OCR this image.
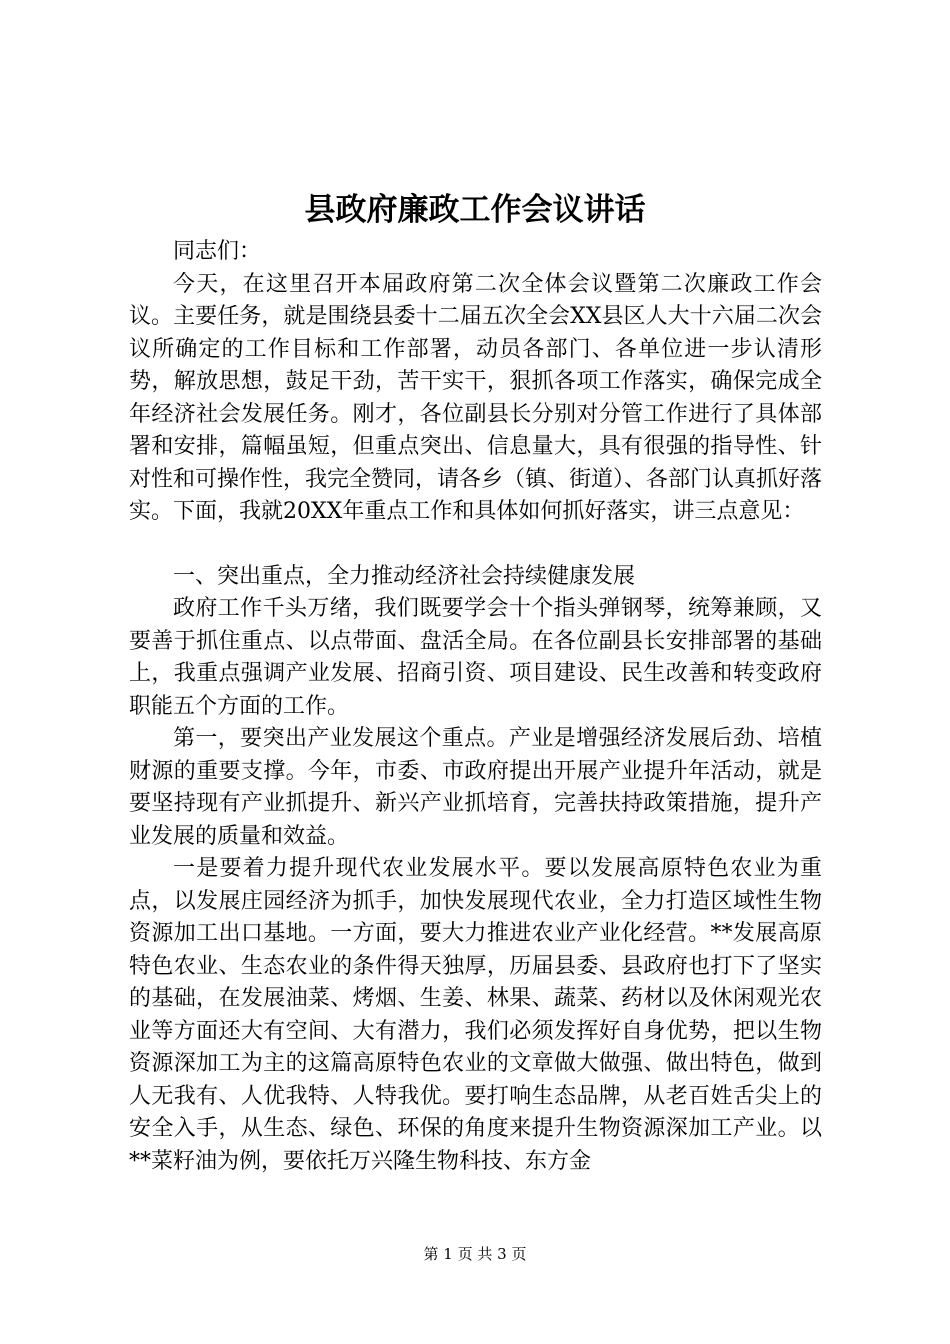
县政府廉政工作会议讲话

同志们：

今天，在这里召开本届政府第二次全体会议暨第二次廉政工作会议。主要任务，就是围绕县委十二届五次全会XX县区人大十六届二次会议所确定的工作目标和工作部署，动员各部门、各单位进一步认清形势，解放思想，鼓足干劲，苦干实干，狠抓各项工作落实，确保完成全年经济社会发展任务。刚才，各位副县长分别对分管工作进行了具体部署和安排，篇幅虽短，但重点突出、信息量大，具有很强的指导性、针对性和可操作性，我完全赞同，请各乡（镇、街道）、各部门认真抓好落实。下面，我就20XX年重点工作和具体如何抓好落实，讲三点意见：

一、突出重点，全力推动经济社会持续健康发展

政府工作千头万绪，我们既要学会十个指头弹钢琴，统筹兼顾，又要善于抓住重点、以点带面、盘活全局。在各位副县长安排部署的基础上，我重点强调产业发展、招商引资、项目建设、民生改善和转变政府职能五个方面的工作。

第一，要突出产业发展这个重点。产业是增强经济发展后劲、培植财源的重要支撑。今年，市委、市政府提出开展产业提升年活动，就是要坚持现有产业抓提升、新兴产业抓培育，完善扶持政策措施，提升产业发展的质量和效益。

一是要着力提升现代农业发展水平。要以发展高原特色农业为重点，以发展庄园经济为抓手，加快发展现代农业，全力打造区域性生物资源加工出口基地。一方面，要大力推进农业产业化经营。**发展高原特色农业、生态农业的条件得天独厚，历届县委、县政府也打下了坚实的基础，在发展油菜、烤烟、生姜、林果、蔬菜、药材以及休闲观光农业等方面还大有空间、大有潜力，我们必须发挥好自身优势，把以生物资源深加工为主的这篇高原特色农业的文章做大做强、做出特色，做到人无我有、人优我特、人特我优。要打响生态品牌，从老百姓舌尖上的安全入手，从生态、绿色、环保的角度来提升生物资源深加工产业。以**菜籽油为例，要依托万兴隆生物科技、东方金

第 1 页 共 3 页
